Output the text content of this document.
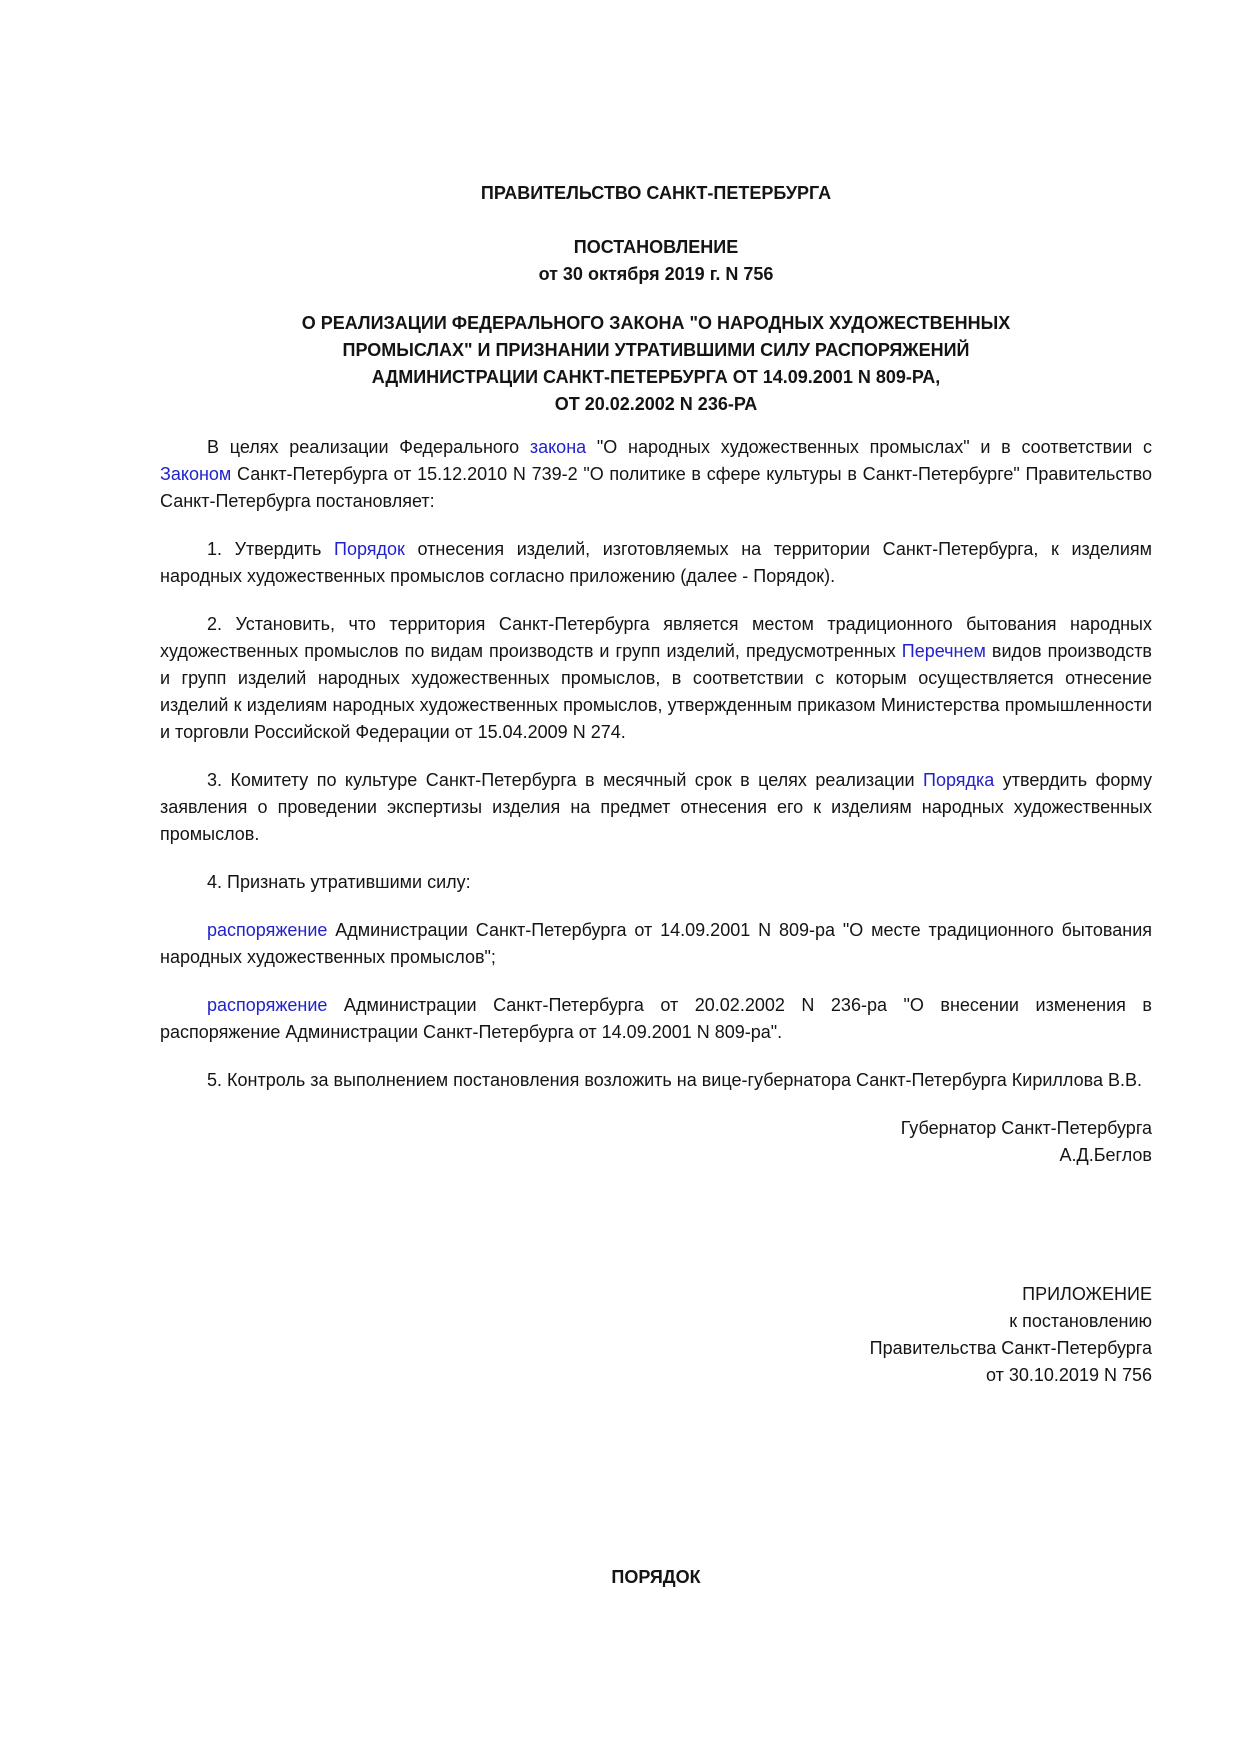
ПРАВИТЕЛЬСТВО САНКТ-ПЕТЕРБУРГА
ПОСТАНОВЛЕНИЕ
от 30 октября 2019 г. N 756
О РЕАЛИЗАЦИИ ФЕДЕРАЛЬНОГО ЗАКОНА "О НАРОДНЫХ ХУДОЖЕСТВЕННЫХ
ПРОМЫСЛАХ" И ПРИЗНАНИИ УТРАТИВШИМИ СИЛУ РАСПОРЯЖЕНИЙ
АДМИНИСТРАЦИИ САНКТ-ПЕТЕРБУРГА ОТ 14.09.2001 N 809-РА,
ОТ 20.02.2002 N 236-РА

В целях реализации Федерального закона "О народных художественных промыслах" и в соответствии с Законом Санкт-Петербурга от 15.12.2010 N 739-2 "О политике в сфере культуры в Санкт-Петербурге" Правительство Санкт-Петербурга постановляет:

1. Утвердить Порядок отнесения изделий, изготовляемых на территории Санкт-Петербурга, к изделиям народных художественных промыслов согласно приложению (далее - Порядок).

2. Установить, что территория Санкт-Петербурга является местом традиционного бытования народных художественных промыслов по видам производств и групп изделий, предусмотренных Перечнем видов производств и групп изделий народных художественных промыслов, в соответствии с которым осуществляется отнесение изделий к изделиям народных художественных промыслов, утвержденным приказом Министерства промышленности и торговли Российской Федерации от 15.04.2009 N 274.

3. Комитету по культуре Санкт-Петербурга в месячный срок в целях реализации Порядка утвердить форму заявления о проведении экспертизы изделия на предмет отнесения его к изделиям народных художественных промыслов.

4. Признать утратившими силу:

распоряжение Администрации Санкт-Петербурга от 14.09.2001 N 809-ра "О месте традиционного бытования народных художественных промыслов";

распоряжение Администрации Санкт-Петербурга от 20.02.2002 N 236-ра "О внесении изменения в распоряжение Администрации Санкт-Петербурга от 14.09.2001 N 809-ра".

5. Контроль за выполнением постановления возложить на вице-губернатора Санкт-Петербурга Кириллова В.В.

Губернатор Санкт-Петербурга
А.Д.Беглов
ПРИЛОЖЕНИЕ
к постановлению
Правительства Санкт-Петербурга
от 30.10.2019 N 756
ПОРЯДОК
